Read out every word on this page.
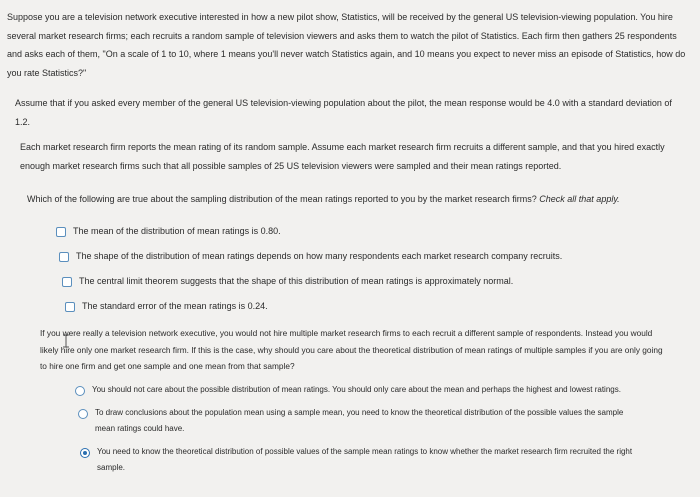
Suppose you are a television network executive interested in how a new pilot show, Statistics, will be received by the general US television-viewing population. You hire several market research firms; each recruits a random sample of television viewers and asks them to watch the pilot of Statistics. Each firm then gathers 25 respondents and asks each of them, "On a scale of 1 to 10, where 1 means you'll never watch Statistics again, and 10 means you expect to never miss an episode of Statistics, how do you rate Statistics?"
Assume that if you asked every member of the general US television-viewing population about the pilot, the mean response would be 4.0 with a standard deviation of 1.2.
Each market research firm reports the mean rating of its random sample. Assume each market research firm recruits a different sample, and that you hired exactly enough market research firms such that all possible samples of 25 US television viewers were sampled and their mean ratings reported.
Which of the following are true about the sampling distribution of the mean ratings reported to you by the market research firms? Check all that apply.
The mean of the distribution of mean ratings is 0.80.
The shape of the distribution of mean ratings depends on how many respondents each market research company recruits.
The central limit theorem suggests that the shape of this distribution of mean ratings is approximately normal.
The standard error of the mean ratings is 0.24.
If you were really a television network executive, you would not hire multiple market research firms to each recruit a different sample of respondents. Instead you would likely hire only one market research firm. If this is the case, why should you care about the theoretical distribution of mean ratings of multiple samples if you are only going to hire one firm and get one sample and one mean from that sample?
You should not care about the possible distribution of mean ratings. You should only care about the mean and perhaps the highest and lowest ratings.
To draw conclusions about the population mean using a sample mean, you need to know the theoretical distribution of the possible values the sample mean ratings could have.
You need to know the theoretical distribution of possible values of the sample mean ratings to know whether the market research firm recruited the right sample.
